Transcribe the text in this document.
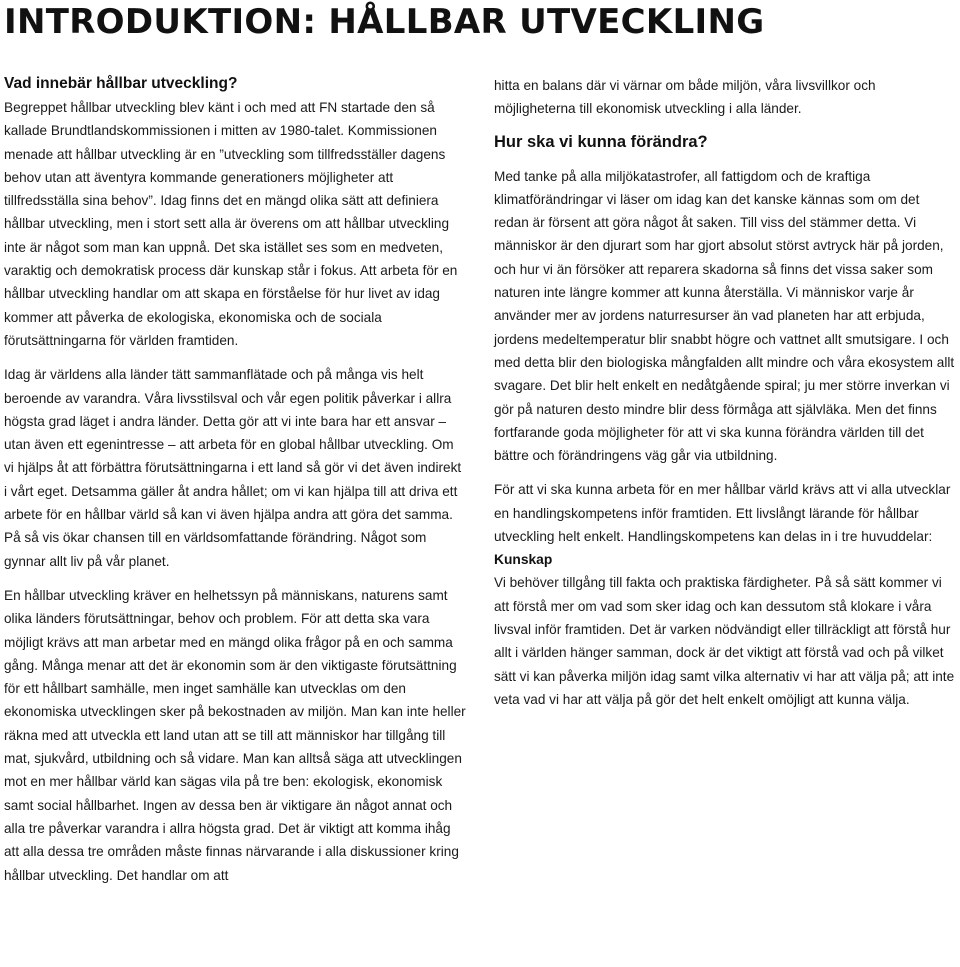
INTRODUKTION: HÅLLBAR UTVECKLING

Vad innebär hållbar utveckling?

Begreppet hållbar utveckling blev känt i och med att FN startade den så kallade Brundtlandskommissionen i mitten av 1980-talet. Kommissionen menade att hållbar utveckling är en ”utveckling som tillfredsställer dagens behov utan att äventyra kommande generationers möjligheter att tillfredsställa sina behov”. Idag finns det en mängd olika sätt att definiera hållbar utveckling, men i stort sett alla är överens om att hållbar utveckling inte är något som man kan uppnå. Det ska istället ses som en medveten, varaktig och demokratisk process där kunskap står i fokus. Att arbeta för en hållbar utveckling handlar om att skapa en förståelse för hur livet av idag kommer att påverka de ekologiska, ekonomiska och de sociala förutsättningarna för världen framtiden.

Idag är världens alla länder tätt sammanflätade och på många vis helt beroende av varandra. Våra livsstilsval och vår egen politik påverkar i allra högsta grad läget i andra länder. Detta gör att vi inte bara har ett ansvar – utan även ett egenintresse – att arbeta för en global hållbar utveckling. Om vi hjälps åt att förbättra förutsättningarna i ett land så gör vi det även indirekt i vårt eget. Detsamma gäller åt andra hållet; om vi kan hjälpa till att driva ett arbete för en hållbar värld så kan vi även hjälpa andra att göra det samma. På så vis ökar chansen till en världsomfattande förändring. Något som gynnar allt liv på vår planet.

En hållbar utveckling kräver en helhetssyn på människans, naturens samt olika länders förutsättningar, behov och problem. För att detta ska vara möjligt krävs att man arbetar med en mängd olika frågor på en och samma gång. Många menar att det är ekonomin som är den viktigaste förutsättning för ett hållbart samhälle, men inget samhälle kan utvecklas om den ekonomiska utvecklingen sker på bekostnaden av miljön. Man kan inte heller räkna med att utveckla ett land utan att se till att människor har tillgång till mat, sjukvård, utbildning och så vidare. Man kan alltså säga att utvecklingen mot en mer hållbar värld kan sägas vila på tre ben: ekologisk, ekonomisk samt social hållbarhet. Ingen av dessa ben är viktigare än något annat och alla tre påverkar varandra i allra högsta grad. Det är viktigt att komma ihåg att alla dessa tre områden måste finnas närvarande i alla diskussioner kring hållbar utveckling. Det handlar om att

hitta en balans där vi värnar om både miljön, våra livsvillkor och möjligheterna till ekonomisk utveckling i alla länder.

Hur ska vi kunna förändra?

Med tanke på alla miljökatastrofer, all fattigdom och de kraftiga klimatförändringar vi läser om idag kan det kanske kännas som om det redan är försent att göra något åt saken. Till viss del stämmer detta. Vi människor är den djurart som har gjort absolut störst avtryck här på jorden, och hur vi än försöker att reparera skadorna så finns det vissa saker som naturen inte längre kommer att kunna återställa. Vi människor varje år använder mer av jordens naturresurser än vad planeten har att erbjuda, jordens medeltemperatur blir snabbt högre och vattnet allt smutsigare. I och med detta blir den biologiska mångfalden allt mindre och våra ekosystem allt svagare. Det blir helt enkelt en nedåtgående spiral; ju mer större inverkan vi gör på naturen desto mindre blir dess förmåga att självläka. Men det finns fortfarande goda möjligheter för att vi ska kunna förändra världen till det bättre och förändringens väg går via utbildning.

För att vi ska kunna arbeta för en mer hållbar värld krävs att vi alla utvecklar en handlingskompetens inför framtiden. Ett livslångt lärande för hållbar utveckling helt enkelt. Handlingskompetens kan delas in i tre huvuddelar:

Kunskap

Vi behöver tillgång till fakta och praktiska färdigheter. På så sätt kommer vi att förstå mer om vad som sker idag och kan dessutom stå klokare i våra livsval inför framtiden. Det är varken nödvändigt eller tillräckligt att förstå hur allt i världen hänger samman, dock är det viktigt att förstå vad och på vilket sätt vi kan påverka miljön idag samt vilka alternativ vi har att välja på; att inte veta vad vi har att välja på gör det helt enkelt omöjligt att kunna välja.
